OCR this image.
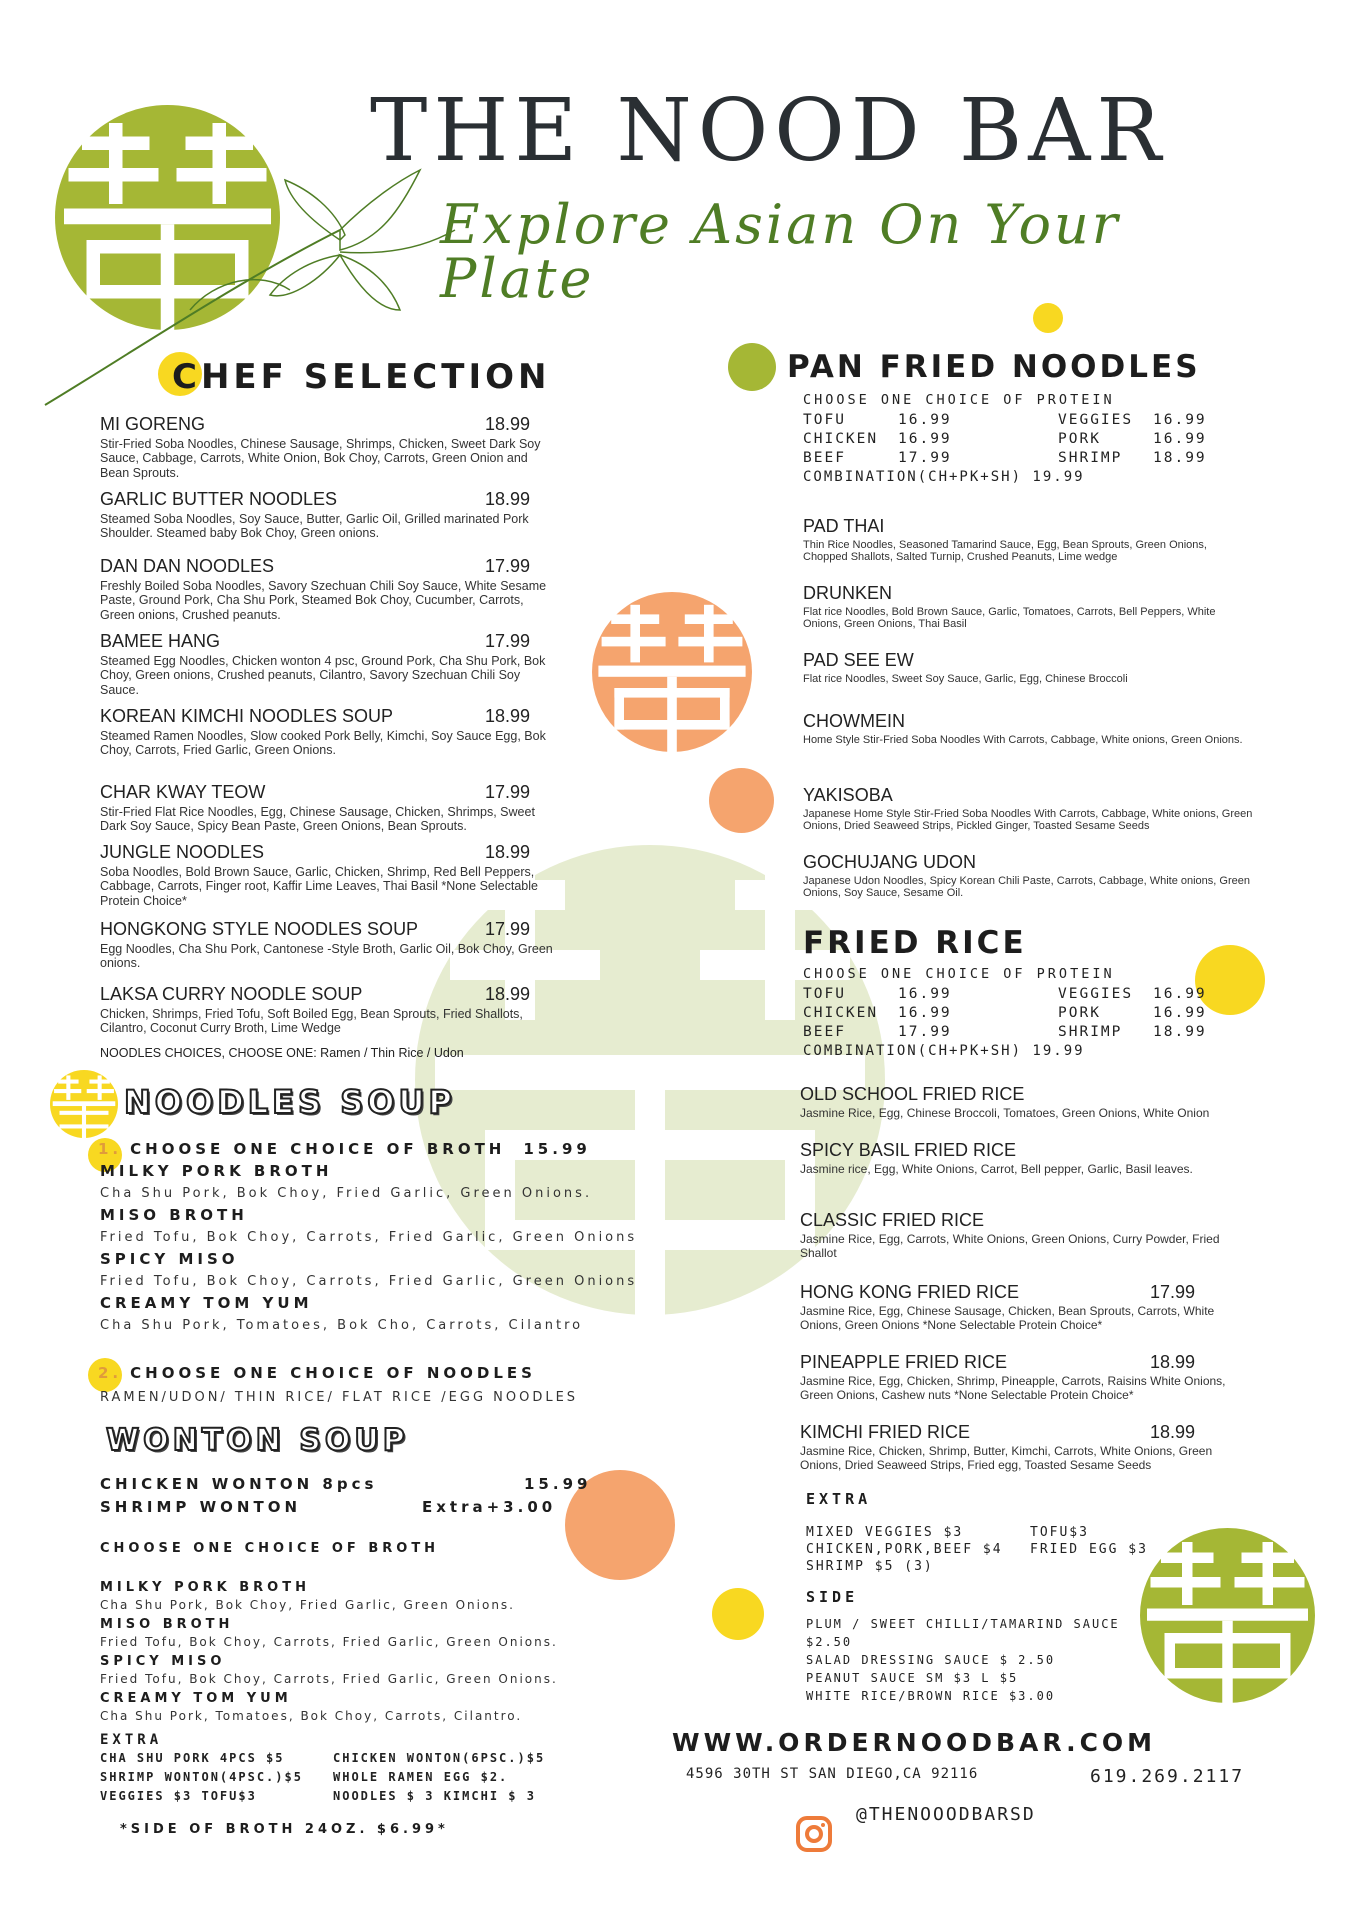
THE NOOD BAR
Explore Asian On Your Plate
CHEF SELECTION
MI GORENG	18.99
Stir-Fried Soba Noodles, Chinese Sausage, Shrimps, Chicken, Sweet Dark Soy Sauce, Cabbage, Carrots, White Onion, Bok Choy, Carrots, Green Onion and Bean Sprouts.
GARLIC BUTTER NOODLES	18.99
Steamed Soba Noodles, Soy Sauce, Butter, Garlic Oil, Grilled marinated Pork Shoulder. Steamed baby Bok Choy, Green onions.
DAN DAN NOODLES	17.99
Freshly Boiled Soba Noodles, Savory Szechuan Chili Soy Sauce, White Sesame Paste, Ground Pork, Cha Shu Pork, Steamed Bok Choy, Cucumber, Carrots, Green onions, Crushed peanuts.
BAMEE HANG	17.99
Steamed Egg Noodles, Chicken wonton 4 psc, Ground Pork, Cha Shu Pork, Bok Choy, Green onions, Crushed peanuts, Cilantro, Savory Szechuan Chili Soy Sauce.
KOREAN KIMCHI NOODLES SOUP	18.99
Steamed Ramen Noodles, Slow cooked Pork Belly, Kimchi, Soy Sauce Egg, Bok Choy, Carrots, Fried Garlic, Green Onions.
CHAR KWAY TEOW	17.99
Stir-Fried Flat Rice Noodles, Egg, Chinese Sausage, Chicken, Shrimps, Sweet Dark Soy Sauce, Spicy Bean Paste, Green Onions, Bean Sprouts.
JUNGLE NOODLES	18.99
Soba Noodles, Bold Brown Sauce, Garlic, Chicken, Shrimp, Red Bell Peppers, Cabbage, Carrots, Finger root, Kaffir Lime Leaves, Thai Basil *None Selectable Protein Choice*
HONGKONG STYLE NOODLES SOUP	17.99
Egg Noodles, Cha Shu Pork, Cantonese -Style Broth, Garlic Oil, Bok Choy, Green onions.
LAKSA CURRY NOODLE SOUP	18.99
Chicken, Shrimps, Fried Tofu, Soft Boiled Egg, Bean Sprouts, Fried Shallots, Cilantro, Coconut Curry Broth, Lime Wedge
NOODLES CHOICES, CHOOSE ONE: Ramen / Thin Rice / Udon
NOODLES SOUP
1. CHOOSE ONE CHOICE OF BROTH 15.99
MILKY PORK BROTH
Cha Shu Pork, Bok Choy, Fried Garlic, Green Onions.
MISO BROTH
Fried Tofu, Bok Choy, Carrots, Fried Garlic, Green Onions
SPICY MISO
Fried Tofu, Bok Choy, Carrots, Fried Garlic, Green Onions
CREAMY TOM YUM
Cha Shu Pork, Tomatoes, Bok Cho, Carrots, Cilantro
2. CHOOSE ONE CHOICE OF NOODLES
RAMEN/UDON/ THIN RICE/ FLAT RICE /EGG NOODLES
WONTON SOUP
CHICKEN WONTON 8pcs	15.99
SHRIMP WONTON	Extra+3.00
CHOOSE ONE CHOICE OF BROTH
MILKY PORK BROTH
Cha Shu Pork, Bok Choy, Fried Garlic, Green Onions.
MISO BROTH
Fried Tofu, Bok Choy, Carrots, Fried Garlic, Green Onions.
SPICY MISO
Fried Tofu, Bok Choy, Carrots, Fried Garlic, Green Onions.
CREAMY TOM YUM
Cha Shu Pork, Tomatoes, Bok Choy, Carrots, Cilantro.
EXTRA
CHA SHU PORK 4PCS $5	CHICKEN WONTON(6PSC.)$5
SHRIMP WONTON(4PSC.)$5	WHOLE RAMEN EGG $2.
VEGGIES $3 TOFU$3	NOODLES $ 3 KIMCHI $ 3
*SIDE OF BROTH 24OZ. $6.99*
PAN FRIED NOODLES
CHOOSE ONE CHOICE OF PROTEIN
TOFU	16.99	VEGGIES	16.99
CHICKEN	16.99	PORK	16.99
BEEF	17.99	SHRIMP	18.99
COMBINATION(CH+PK+SH) 19.99
PAD THAI
Thin Rice Noodles, Seasoned Tamarind Sauce, Egg, Bean Sprouts, Green Onions, Chopped Shallots, Salted Turnip, Crushed Peanuts, Lime wedge
DRUNKEN
Flat rice Noodles, Bold Brown Sauce, Garlic, Tomatoes, Carrots, Bell Peppers, White Onions, Green Onions, Thai Basil
PAD SEE EW
Flat rice Noodles, Sweet Soy Sauce, Garlic, Egg, Chinese Broccoli
CHOWMEIN
Home Style Stir-Fried Soba Noodles With Carrots, Cabbage, White onions, Green Onions.
YAKISOBA
Japanese Home Style Stir-Fried Soba Noodles With Carrots, Cabbage, White onions, Green Onions, Dried Seaweed Strips, Pickled Ginger, Toasted Sesame Seeds
GOCHUJANG UDON
Japanese Udon Noodles, Spicy Korean Chili Paste, Carrots, Cabbage, White onions, Green Onions, Soy Sauce, Sesame Oil.
FRIED RICE
CHOOSE ONE CHOICE OF PROTEIN
TOFU	16.99	VEGGIES	16.99
CHICKEN	16.99	PORK	16.99
BEEF	17.99	SHRIMP	18.99
COMBINATION(CH+PK+SH) 19.99
OLD SCHOOL FRIED RICE
Jasmine Rice, Egg, Chinese Broccoli, Tomatoes, Green Onions, White Onion
SPICY BASIL FRIED RICE
Jasmine rice, Egg, White Onions, Carrot, Bell pepper, Garlic, Basil leaves.
CLASSIC FRIED RICE
Jasmine Rice, Egg, Carrots, White Onions, Green Onions, Curry Powder, Fried Shallot
HONG KONG FRIED RICE	17.99
Jasmine Rice, Egg, Chinese Sausage, Chicken, Bean Sprouts, Carrots, White Onions, Green Onions *None Selectable Protein Choice*
PINEAPPLE FRIED RICE	18.99
Jasmine Rice, Egg, Chicken, Shrimp, Pineapple, Carrots, Raisins White Onions, Green Onions, Cashew nuts *None Selectable Protein Choice*
KIMCHI FRIED RICE	18.99
Jasmine Rice, Chicken, Shrimp, Butter, Kimchi, Carrots, White Onions, Green Onions, Dried Seaweed Strips, Fried egg, Toasted Sesame Seeds
EXTRA
MIXED VEGGIES $3	TOFU$3
CHICKEN,PORK,BEEF $4 FRIED EGG $3
SHRIMP $5 (3)
SIDE
PLUM / SWEET CHILLI/TAMARIND SAUCE
$2.50
SALAD DRESSING SAUCE $ 2.50
PEANUT SAUCE SM $3 L $5
WHITE RICE/BROWN RICE $3.00
WWW.ORDERNOODBAR.COM
4596 30TH ST SAN DIEGO,CA 92116	619.269.2117
@THENOOODBARSD
